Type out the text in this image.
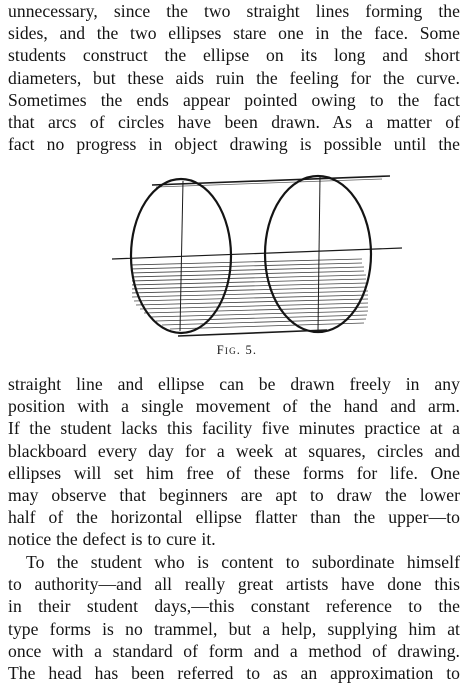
unnecessary, since the two straight lines forming the
sides, and the two ellipses stare one in the face. Some
students construct the ellipse on its long and short
diameters, but these aids ruin the feeling for the curve.
Sometimes the ends appear pointed owing to the fact
that arcs of circles have been drawn. As a matter of
fact no progress in object drawing is possible until the
Fig. 5.
straight line and ellipse can be drawn freely in any
position with a single movement of the hand and arm.
If the student lacks this facility five minutes practice at a
blackboard every day for a week at squares, circles and
ellipses will set him free of these forms for life. One
may observe that beginners are apt to draw the lower
half of the horizontal ellipse flatter than the upper—to
notice the defect is to cure it.
To the student who is content to subordinate himself
to authority—and all really great artists have done this
in their student days,—this constant reference to the
type forms is no trammel, but a help, supplying him at
once with a standard of form and a method of drawing.
The head has been referred to as an approximation to
